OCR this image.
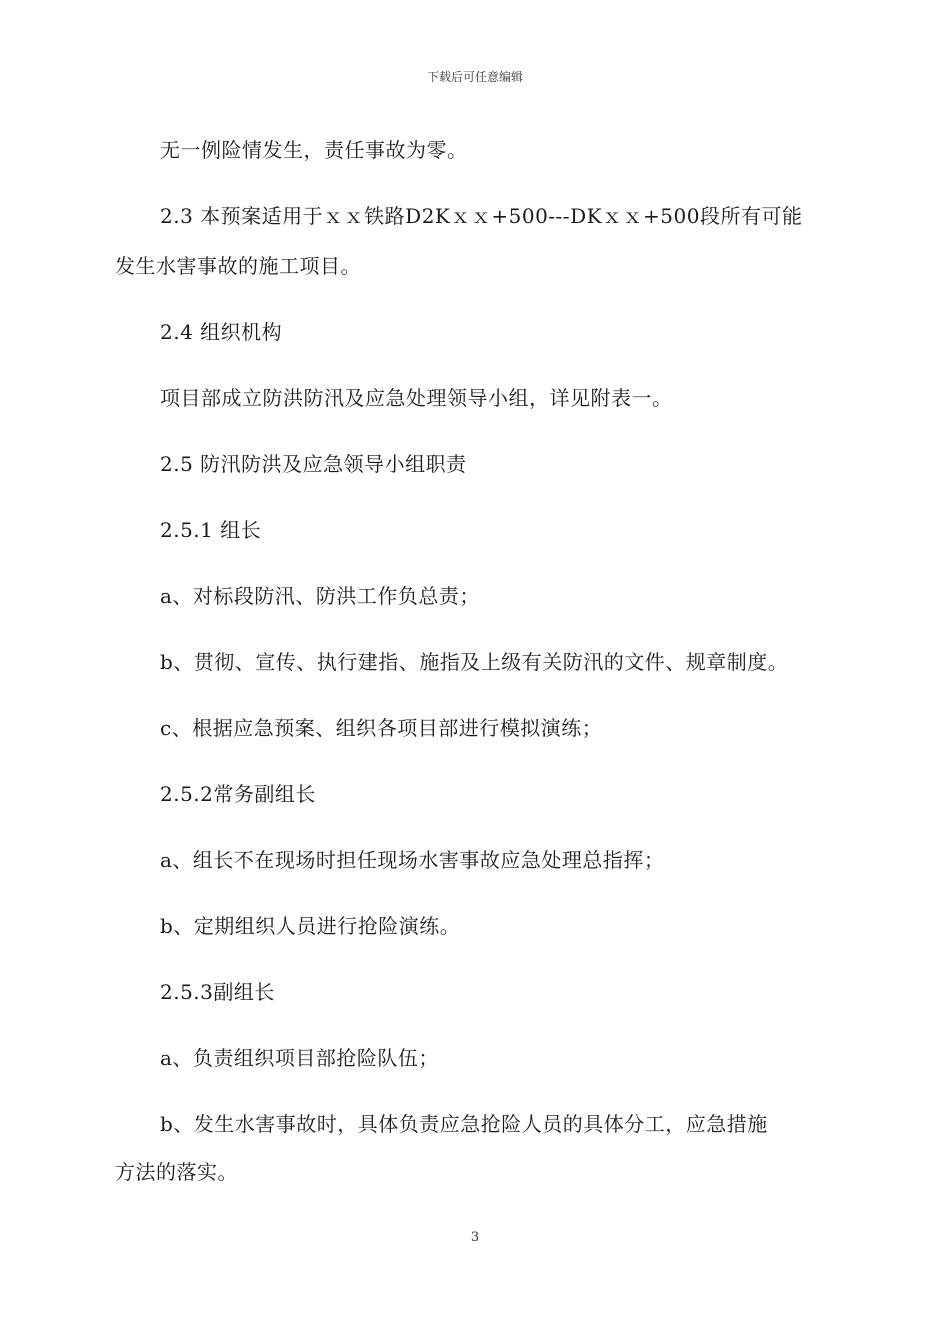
下载后可任意编辑
无一例险情发生，责任事故为零。
2.3 本预案适用于ｘｘ铁路D2Kｘｘ+500---DKｘｘ+500段所有可能
发生水害事故的施工项目。
2.4 组织机构
项目部成立防洪防汛及应急处理领导小组，详见附表一。
2.5 防汛防洪及应急领导小组职责
2.5.1 组长
a、对标段防汛、防洪工作负总责；
b、贯彻、宣传、执行建指、施指及上级有关防汛的文件、规章制度。
c、根据应急预案、组织各项目部进行模拟演练；
2.5.2常务副组长
a、组长不在现场时担任现场水害事故应急处理总指挥；
b、定期组织人员进行抢险演练。
2.5.3副组长
a、负责组织项目部抢险队伍；
b、发生水害事故时，具体负责应急抢险人员的具体分工，应急措施
方法的落实。
3
